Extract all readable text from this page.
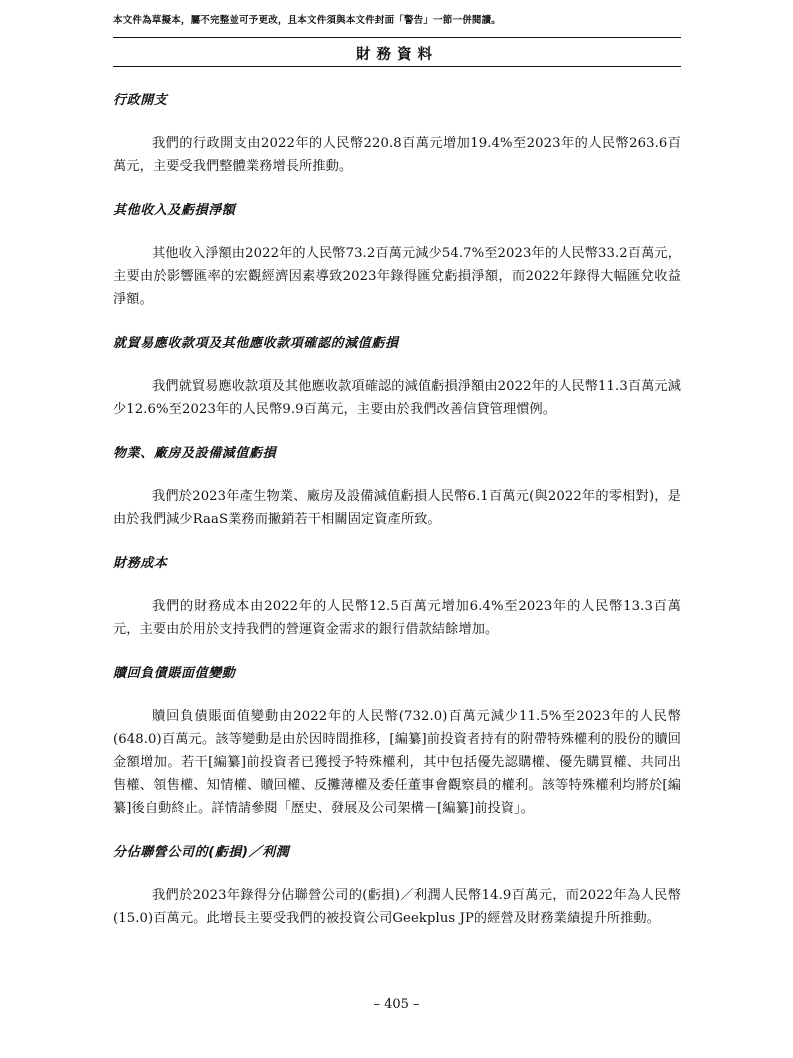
本文件為草擬本，屬不完整並可予更改，且本文件須與本文件封面「警告」一節一併閱讀。
財務資料
行政開支

我們的行政開支由2022年的人民幣220.8百萬元增加19.4%至2023年的人民幣263.6百萬元，主要受我們整體業務增長所推動。

其他收入及虧損淨額

其他收入淨額由2022年的人民幣73.2百萬元減少54.7%至2023年的人民幣33.2百萬元，主要由於影響匯率的宏觀經濟因素導致2023年錄得匯兌虧損淨額，而2022年錄得大幅匯兌收益淨額。

就貿易應收款項及其他應收款項確認的減值虧損

我們就貿易應收款項及其他應收款項確認的減值虧損淨額由2022年的人民幣11.3百萬元減少12.6%至2023年的人民幣9.9百萬元，主要由於我們改善信貸管理慣例。

物業、廠房及設備減值虧損

我們於2023年產生物業、廠房及設備減值虧損人民幣6.1百萬元(與2022年的零相對)，是由於我們減少RaaS業務而撇銷若干相關固定資產所致。

財務成本

我們的財務成本由2022年的人民幣12.5百萬元增加6.4%至2023年的人民幣13.3百萬元，主要由於用於支持我們的營運資金需求的銀行借款結餘增加。

贖回負債賬面值變動

贖回負債賬面值變動由2022年的人民幣(732.0)百萬元減少11.5%至2023年的人民幣(648.0)百萬元。該等變動是由於因時間推移，[編纂]前投資者持有的附帶特殊權利的股份的贖回金額增加。若干[編纂]前投資者已獲授予特殊權利，其中包括優先認購權、優先購買權、共同出售權、領售權、知情權、贖回權、反攤薄權及委任董事會觀察員的權利。該等特殊權利均將於[編纂]後自動終止。詳情請參閱「歷史、發展及公司架構－[編纂]前投資」。

分佔聯營公司的(虧損)／利潤

我們於2023年錄得分佔聯營公司的(虧損)／利潤人民幣14.9百萬元，而2022年為人民幣(15.0)百萬元。此增長主要受我們的被投資公司Geekplus JP的經營及財務業績提升所推動。

– 405 –
